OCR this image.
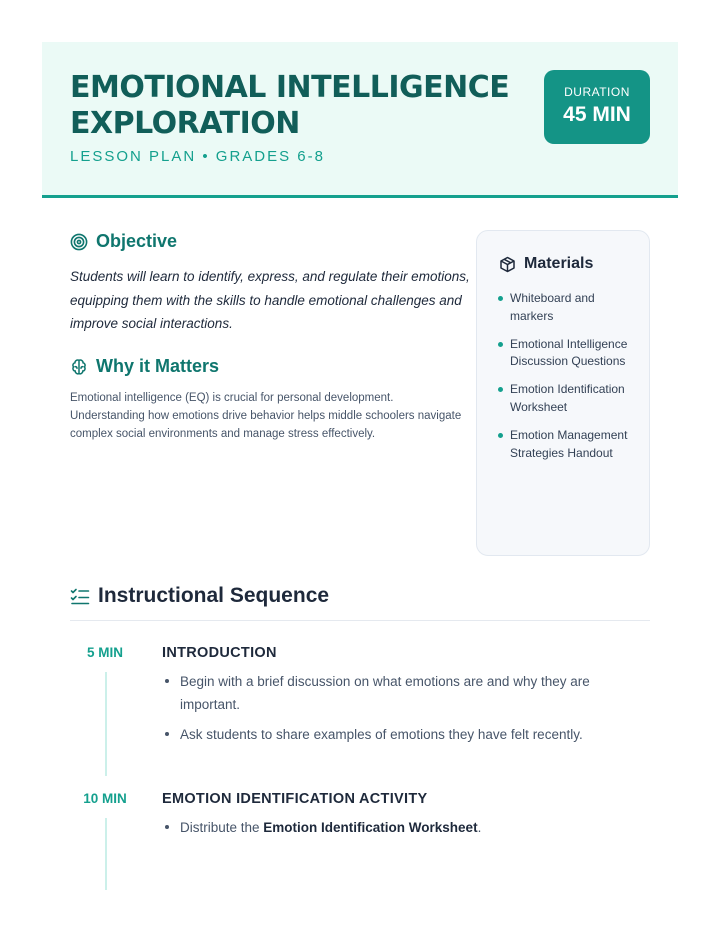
EMOTIONAL INTELLIGENCE EXPLORATION
LESSON PLAN • GRADES 6-8
DURATION
45 MIN
Objective
Students will learn to identify, express, and regulate their emotions, equipping them with the skills to handle emotional challenges and improve social interactions.
Why it Matters
Emotional intelligence (EQ) is crucial for personal development. Understanding how emotions drive behavior helps middle schoolers navigate complex social environments and manage stress effectively.
Materials
Whiteboard and markers
Emotional Intelligence Discussion Questions
Emotion Identification Worksheet
Emotion Management Strategies Handout
Instructional Sequence
5 MIN	INTRODUCTION
Begin with a brief discussion on what emotions are and why they are important.
Ask students to share examples of emotions they have felt recently.
10 MIN	EMOTION IDENTIFICATION ACTIVITY
Distribute the Emotion Identification Worksheet.
